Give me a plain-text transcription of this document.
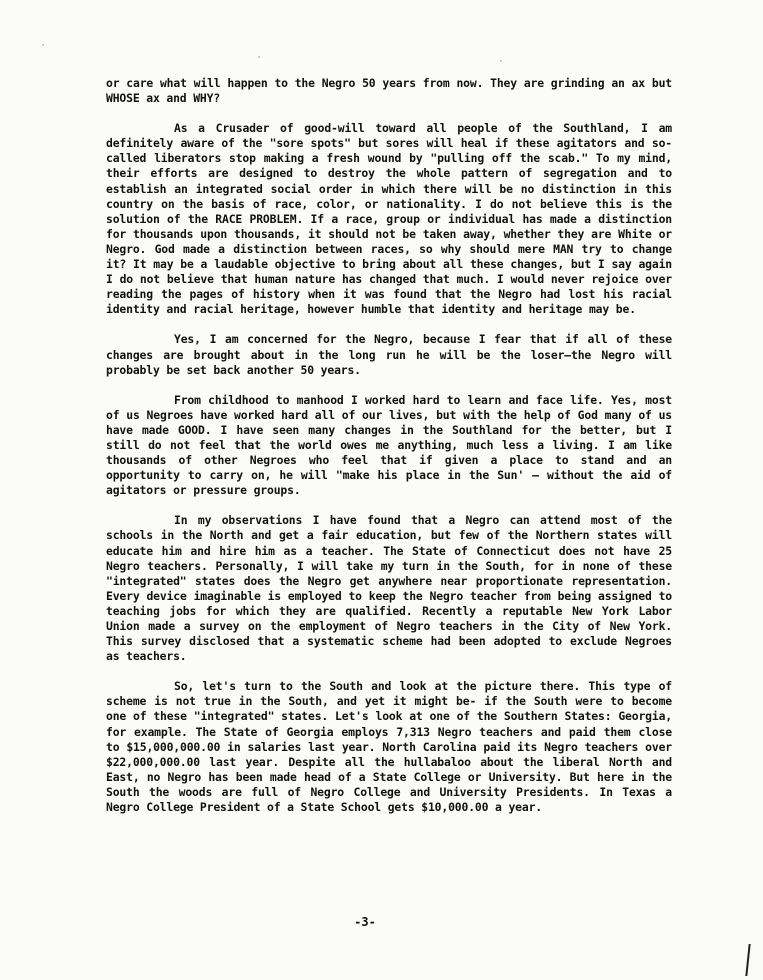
or care what will happen to the Negro 50 years from now. They are grinding an ax but WHOSE ax and WHY?

As a Crusader of good-will toward all people of the Southland, I am definitely aware of the "sore spots" but sores will heal if these agitators and so-called liberators stop making a fresh wound by "pulling off the scab." To my mind, their efforts are designed to destroy the whole pattern of segregation and to establish an integrated social order in which there will be no distinction in this country on the basis of race, color, or nationality. I do not believe this is the solution of the RACE PROBLEM. If a race, group or individual has made a distinction for thousands upon thousands, it should not be taken away, whether they are White or Negro. God made a distinction between races, so why should mere MAN try to change it? It may be a laudable objective to bring about all these changes, but I say again I do not believe that human nature has changed that much. I would never rejoice over reading the pages of history when it was found that the Negro had lost his racial identity and racial heritage, however humble that identity and heritage may be.

Yes, I am concerned for the Negro, because I fear that if all of these changes are brought about in the long run he will be the loser—the Negro will probably be set back another 50 years.

From childhood to manhood I worked hard to learn and face life. Yes, most of us Negroes have worked hard all of our lives, but with the help of God many of us have made GOOD. I have seen many changes in the Southland for the better, but I still do not feel that the world owes me anything, much less a living. I am like thousands of other Negroes who feel that if given a place to stand and an opportunity to carry on, he will "make his place in the Sun' — without the aid of agitators or pressure groups.

In my observations I have found that a Negro can attend most of the schools in the North and get a fair education, but few of the Northern states will educate him and hire him as a teacher. The State of Connecticut does not have 25 Negro teachers. Personally, I will take my turn in the South, for in none of these "integrated" states does the Negro get anywhere near proportionate representation. Every device imaginable is employed to keep the Negro teacher from being assigned to teaching jobs for which they are qualified. Recently a reputable New York Labor Union made a survey on the employment of Negro teachers in the City of New York. This survey disclosed that a systematic scheme had been adopted to exclude Negroes as teachers.

So, let's turn to the South and look at the picture there. This type of scheme is not true in the South, and yet it might be- if the South were to become one of these "integrated" states. Let's look at one of the Southern States: Georgia, for example. The State of Georgia employs 7,313 Negro teachers and paid them close to $15,000,000.00 in salaries last year. North Carolina paid its Negro teachers over $22,000,000.00 last year. Despite all the hullabaloo about the liberal North and East, no Negro has been made head of a State College or University. But here in the South the woods are full of Negro College and University Presidents. In Texas a Negro College President of a State School gets $10,000.00 a year.

-3-
